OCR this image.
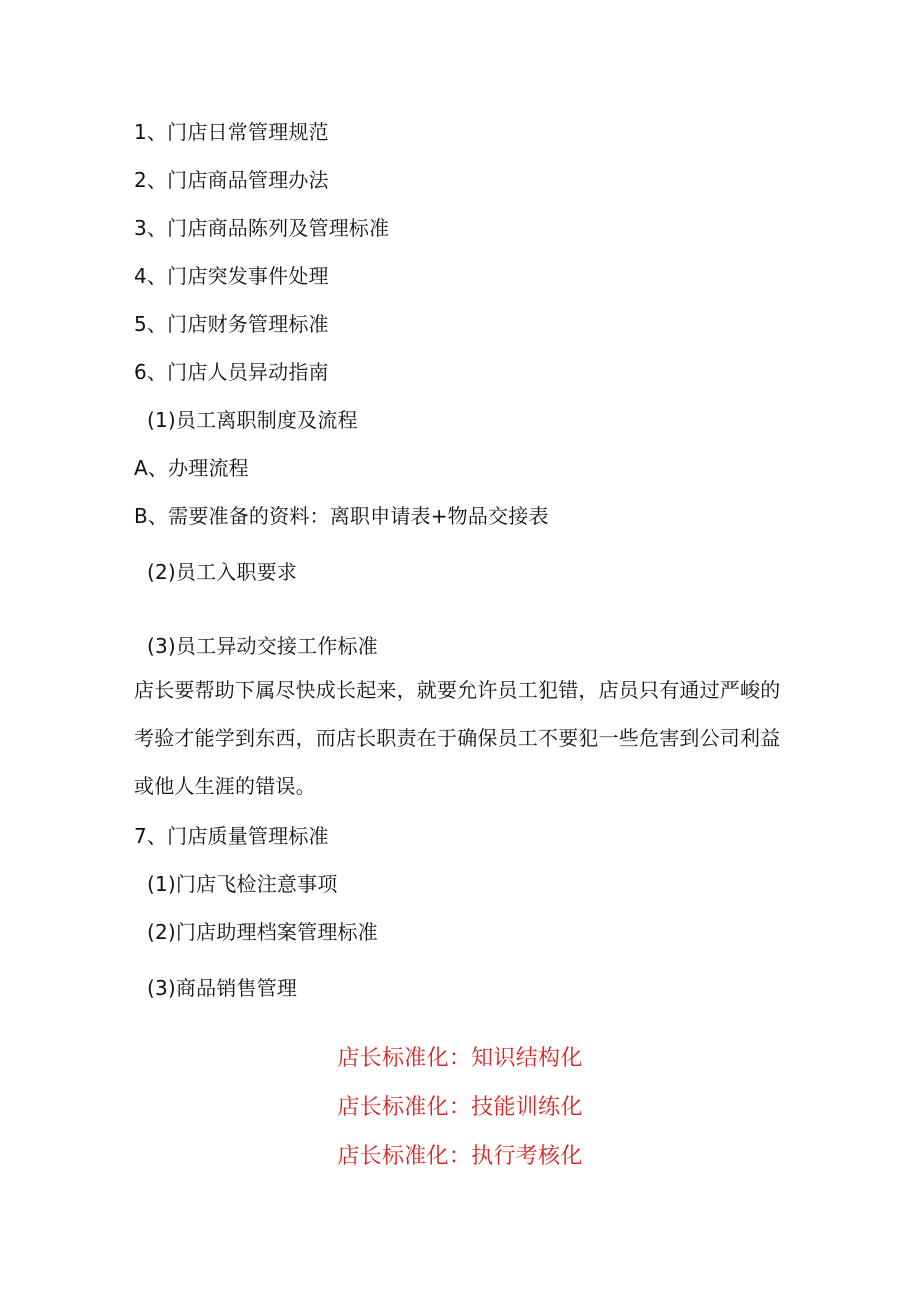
1、门店日常管理规范
2、门店商品管理办法
3、门店商品陈列及管理标准
4、门店突发事件处理
5、门店财务管理标准
6、门店人员异动指南
(1)员工离职制度及流程
A、办理流程
B、需要准备的资料：离职申请表+物品交接表
(2)员工入职要求
(3)员工异动交接工作标准
店长要帮助下属尽快成长起来，就要允许员工犯错，店员只有通过严峻的考验才能学到东西，而店长职责在于确保员工不要犯一些危害到公司利益或他人生涯的错误。
7、门店质量管理标准
(1)门店飞检注意事项
(2)门店助理档案管理标准
(3)商品销售管理
店长标准化：知识结构化
店长标准化：技能训练化
店长标准化：执行考核化
